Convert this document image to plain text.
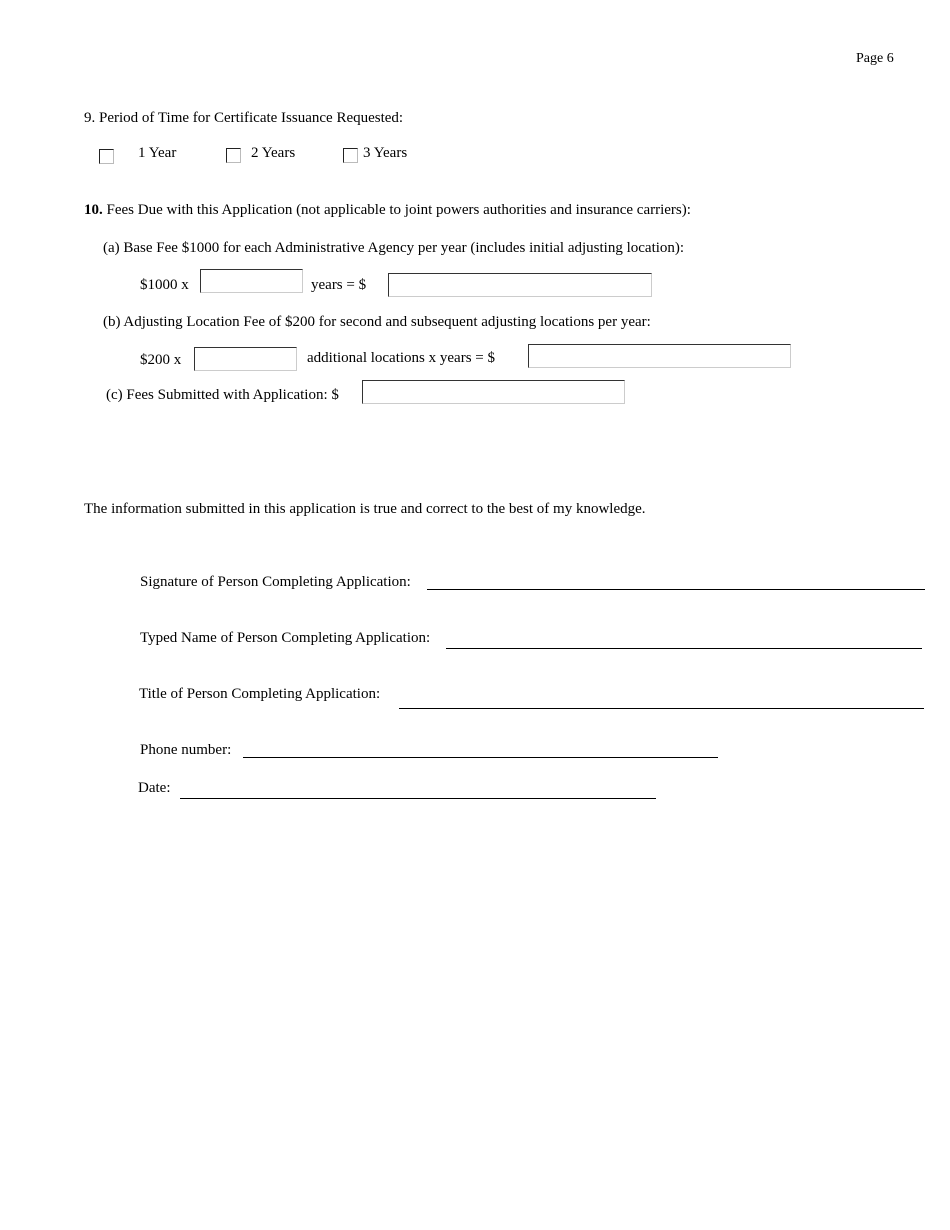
Page 6
9. Period of Time for Certificate Issuance Requested:
1 Year	2 Years	3 Years
10. Fees Due with this Application (not applicable to joint powers authorities and insurance carriers):
(a) Base Fee $1000 for each Administrative Agency per year (includes initial adjusting location):
$1000 x	years = $
(b) Adjusting Location Fee of $200 for second and subsequent adjusting locations per year:
$200 x	additional locations x years = $
(c) Fees Submitted with Application: $
The information submitted in this application is true and correct to the best of my knowledge.
Signature of Person Completing Application:
Typed Name of Person Completing Application:
Title of Person Completing Application:
Phone number:
Date:
